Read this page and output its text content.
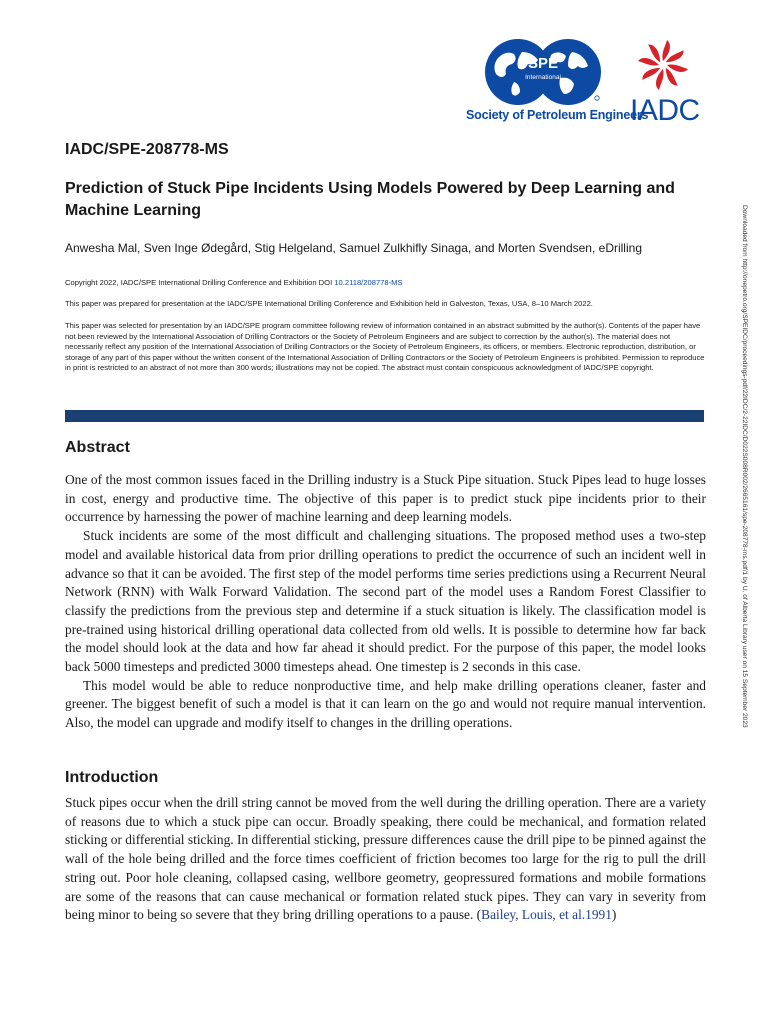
SPE
International
Society of Petroleum Engineers
IADC
IADC/SPE-208778-MS
Prediction of Stuck Pipe Incidents Using Models Powered by Deep Learning and Machine Learning
Anwesha Mal, Sven Inge Ødegård, Stig Helgeland, Samuel Zulkhifly Sinaga, and Morten Svendsen, eDrilling

Copyright 2022, IADC/SPE International Drilling Conference and Exhibition DOI 10.2118/208778-MS

This paper was prepared for presentation at the IADC/SPE International Drilling Conference and Exhibition held in Galveston, Texas, USA, 8–10 March 2022.

This paper was selected for presentation by an IADC/SPE program committee following review of information contained in an abstract submitted by the author(s). Contents of the paper have not been reviewed by the International Association of Drilling Contractors or the Society of Petroleum Engineers and are subject to correction by the author(s). The material does not necessarily reflect any position of the International Association of Drilling Contractors or the Society of Petroleum Engineers, its officers, or members. Electronic reproduction, distribution, or storage of any part of this paper without the written consent of the International Association of Drilling Contractors or the Society of Petroleum Engineers is prohibited. Permission to reproduce in print is restricted to an abstract of not more than 300 words; illustrations may not be copied. The abstract must contain conspicuous acknowledgment of IADC/SPE copyright.

Abstract

One of the most common issues faced in the Drilling industry is a Stuck Pipe situation. Stuck Pipes lead to huge losses in cost, energy and productive time. The objective of this paper is to predict stuck pipe incidents prior to their occurrence by harnessing the power of machine learning and deep learning models.

Stuck incidents are some of the most difficult and challenging situations. The proposed method uses a two-step model and available historical data from prior drilling operations to predict the occurrence of such an incident well in advance so that it can be avoided. The first step of the model performs time series predictions using a Recurrent Neural Network (RNN) with Walk Forward Validation. The second part of the model uses a Random Forest Classifier to classify the predictions from the previous step and determine if a stuck situation is likely. The classification model is pre-trained using historical drilling operational data collected from old wells. It is possible to determine how far back the model should look at the data and how far ahead it should predict. For the purpose of this paper, the model looks back 5000 timesteps and predicted 3000 timesteps ahead. One timestep is 2 seconds in this case.

This model would be able to reduce nonproductive time, and help make drilling operations cleaner, faster and greener. The biggest benefit of such a model is that it can learn on the go and would not require manual intervention. Also, the model can upgrade and modify itself to changes in the drilling operations.

Introduction

Stuck pipes occur when the drill string cannot be moved from the well during the drilling operation. There are a variety of reasons due to which a stuck pipe can occur. Broadly speaking, there could be mechanical, and formation related sticking or differential sticking. In differential sticking, pressure differences cause the drill pipe to be pinned against the wall of the hole being drilled and the force times coefficient of friction becomes too large for the rig to pull the drill string out. Poor hole cleaning, collapsed casing, wellbore geometry, geopressured formations and mobile formations are some of the reasons that can cause mechanical or formation related stuck pipes. They can vary in severity from being minor to being so severe that they bring drilling operations to a pause. (Bailey, Louis, et al.1991)

Downloaded from http://onepetro.org/SPEIDC/proceedings-pdf/22IDC/2-22IDC/D022S008R002/2665161/spe-208778-ms.pdf/1 by U. of Alberta Library user on 15 September 2023
